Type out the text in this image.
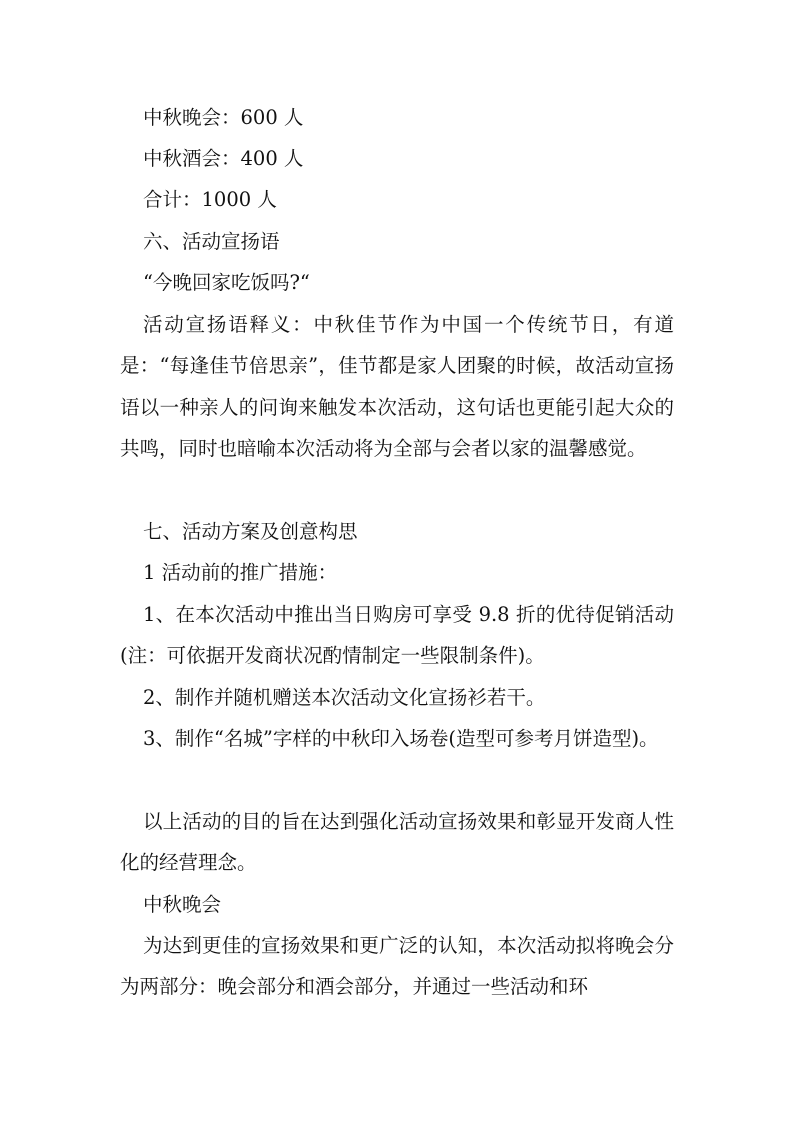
中秋晚会：600 人

中秋酒会：400 人

合计：1000 人

六、活动宣扬语

“今晚回家吃饭吗?“

活动宣扬语释义：中秋佳节作为中国一个传统节日，有道是：“每逢佳节倍思亲”，佳节都是家人团聚的时候，故活动宣扬语以一种亲人的问询来触发本次活动，这句话也更能引起大众的共鸣，同时也暗喻本次活动将为全部与会者以家的温馨感觉。

七、活动方案及创意构思

1 活动前的推广措施：

1、在本次活动中推出当日购房可享受 9.8 折的优待促销活动(注：可依据开发商状况酌情制定一些限制条件)。

2、制作并随机赠送本次活动文化宣扬衫若干。

3、制作“名城”字样的中秋印入场卷(造型可参考月饼造型)。

以上活动的目的旨在达到强化活动宣扬效果和彰显开发商人性化的经营理念。

中秋晚会

为达到更佳的宣扬效果和更广泛的认知，本次活动拟将晚会分为两部分：晚会部分和酒会部分，并通过一些活动和环
